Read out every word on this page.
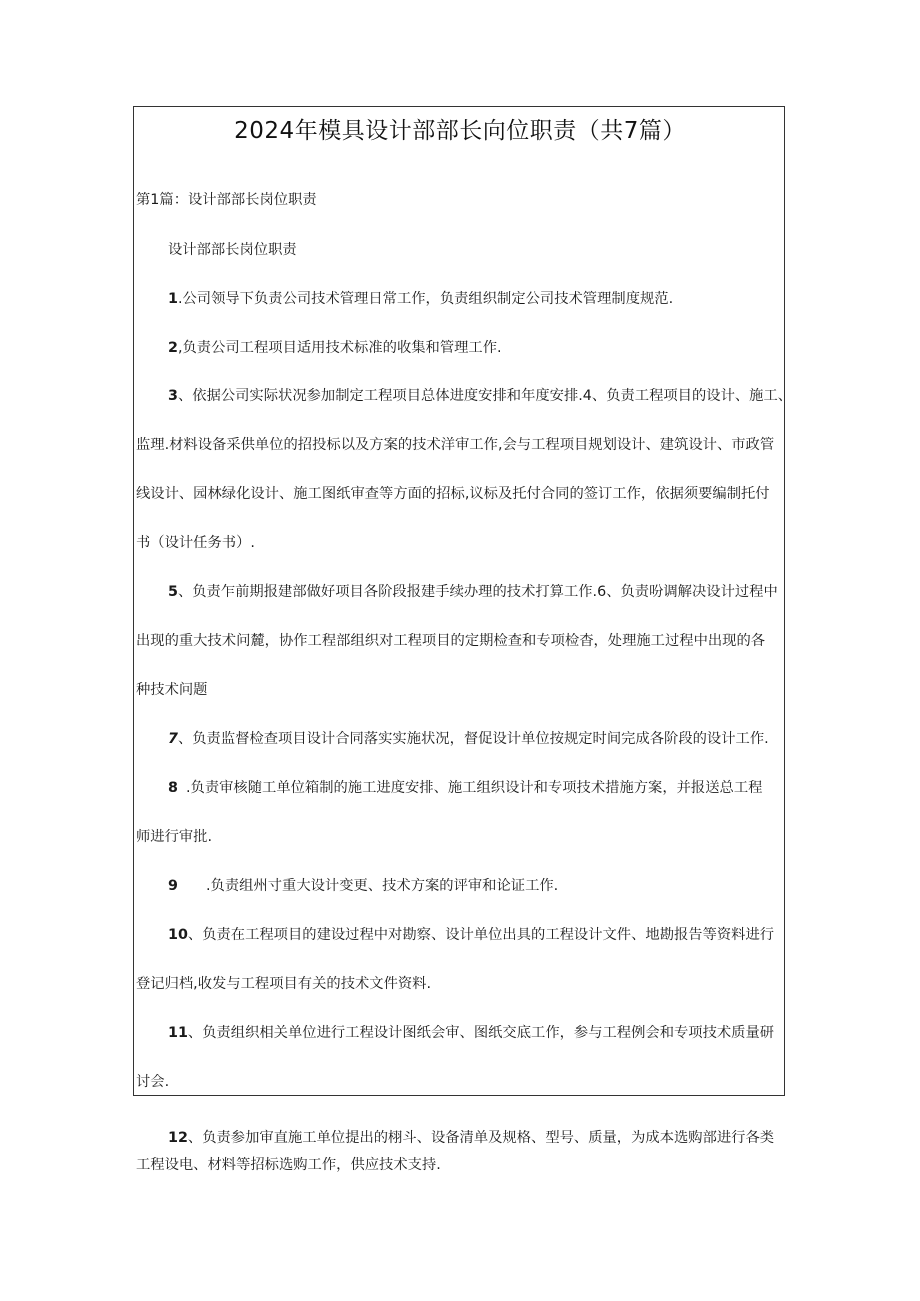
2024年模具设计部部长向位职责（共7篇）
第1篇：设计部部长岗位职责
设计部部长岗位职责
1.公司领导下负责公司技术管理日常工作，负责组织制定公司技术管理制度规范.
2,负责公司工程项目适用技术标准的收集和管理工作.
3、依据公司实际状况参加制定工程项目总体进度安排和年度安排.4、负责工程项目的设计、施工、
监理.材料设备采供单位的招投标以及方案的技术洋审工作,会与工程项目规划设计、建筑设计、市政管
线设计、园林绿化设计、施工图纸审查等方面的招标,议标及托付合同的签订工作，依据须要编制托付
书（设计任务书）.
5、负责乍前期报建部做好项目各阶段报建手续办理的技术打算工作.6、负责吩调解决设计过程中
出现的重大技术问麓，协作工程部组织对工程项目的定期检查和专项检杳，处理施工过程中出现的各
种技术问题
7、负责监督检查项目设计合同落实实施状况，督促设计单位按规定时间完成各阶段的设计工作.
8 .负责审核随工单位箱制的施工进度安排、施工组织设计和专项技术措施方案，并报送总工程
师进行审批.
9 .负责组州寸重大设计变更、技术方案的评审和论证工作.
10、负责在工程项目的建设过程中对勘察、设计单位出具的工程设计文件、地勘报告等资料进行
登记归档,收发与工程项目有关的技术文件资料.
11、负责组织相关单位进行工程设计图纸会审、图纸交底工作，参与工程例会和专项技术质量研
讨会.
12、负责参加审直施工单位提出的栩斗、设备清单及规格、型号、质量，为成本选购部进行各类
工程设电、材料等招标选购工作，供应技术支持.
